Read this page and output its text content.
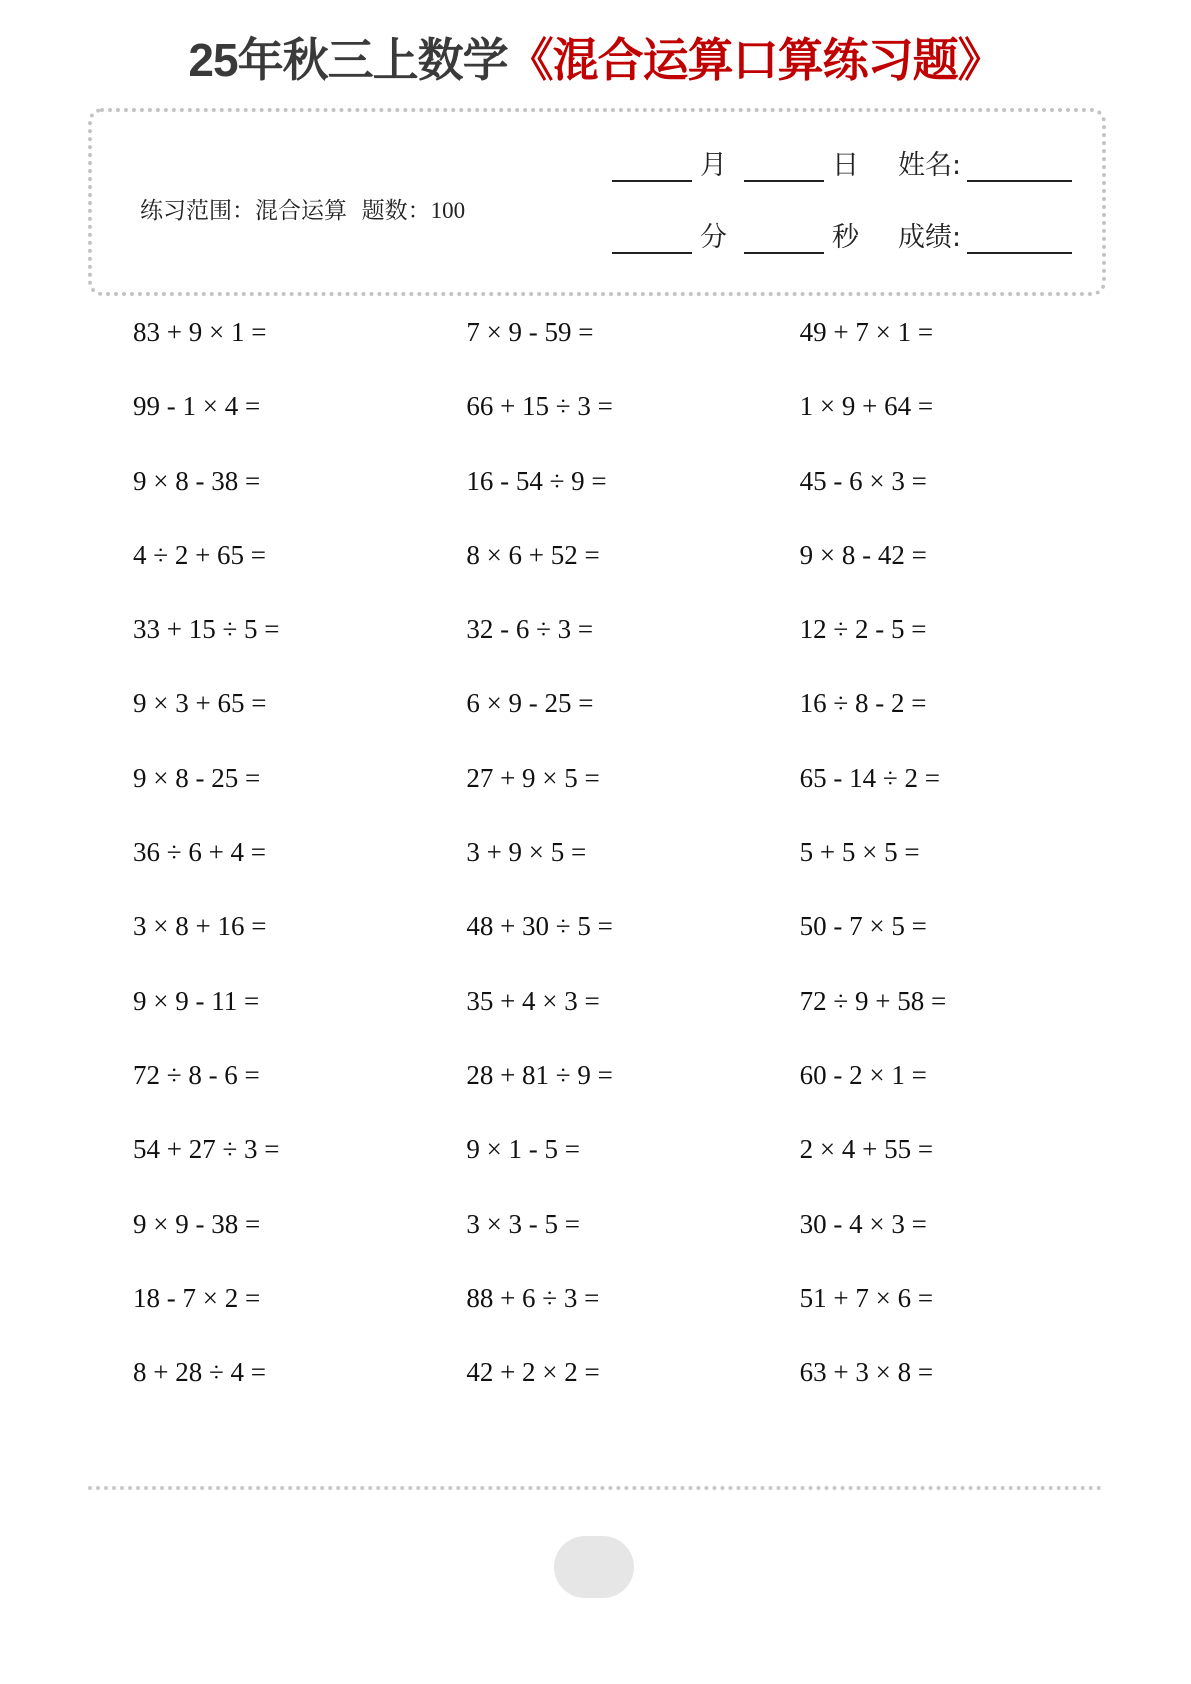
25年秋三上数学《混合运算口算练习题》
练习范围：混合运算 题数：100
月	日 姓名:
分	秒 成绩:
83 + 9 × 1 =	7 × 9 - 59 =	49 + 7 × 1 =
99 - 1 × 4 =	66 + 15 ÷ 3 =	1 × 9 + 64 =
9 × 8 - 38 =	16 - 54 ÷ 9 =	45 - 6 × 3 =
4 ÷ 2 + 65 =	8 × 6 + 52 =	9 × 8 - 42 =
33 + 15 ÷ 5 =	32 - 6 ÷ 3 =	12 ÷ 2 - 5 =
9 × 3 + 65 =	6 × 9 - 25 =	16 ÷ 8 - 2 =
9 × 8 - 25 =	27 + 9 × 5 =	65 - 14 ÷ 2 =
36 ÷ 6 + 4 =	3 + 9 × 5 =	5 + 5 × 5 =
3 × 8 + 16 =	48 + 30 ÷ 5 =	50 - 7 × 5 =
9 × 9 - 11 =	35 + 4 × 3 =	72 ÷ 9 + 58 =
72 ÷ 8 - 6 =	28 + 81 ÷ 9 =	60 - 2 × 1 =
54 + 27 ÷ 3 =	9 × 1 - 5 =	2 × 4 + 55 =
9 × 9 - 38 =	3 × 3 - 5 =	30 - 4 × 3 =
18 - 7 × 2 =	88 + 6 ÷ 3 =	51 + 7 × 6 =
8 + 28 ÷ 4 =	42 + 2 × 2 =	63 + 3 × 8 =
